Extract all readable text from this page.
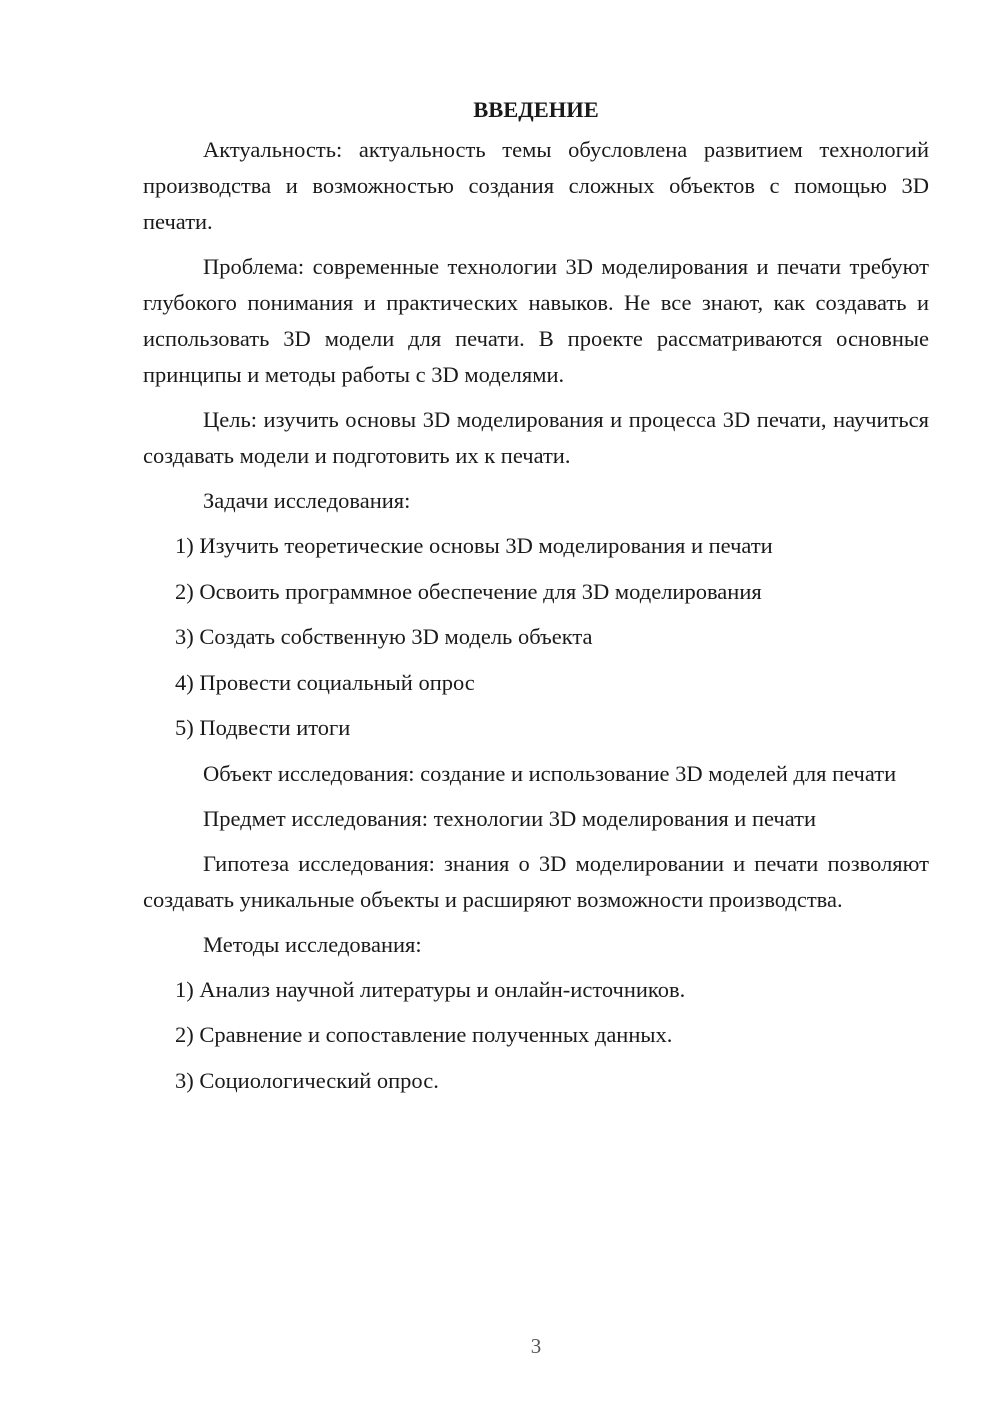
ВВЕДЕНИЕ

Актуальность: актуальность темы обусловлена развитием технологий производства и возможностью создания сложных объектов с помощью 3D печати.

Проблема: современные технологии 3D моделирования и печати требуют глубокого понимания и практических навыков. Не все знают, как создавать и использовать 3D модели для печати. В проекте рассматриваются основные принципы и методы работы с 3D моделями.

Цель: изучить основы 3D моделирования и процесса 3D печати, научиться создавать модели и подготовить их к печати.

Задачи исследования:

1) Изучить теоретические основы 3D моделирования и печати
2) Освоить программное обеспечение для 3D моделирования
3) Создать собственную 3D модель объекта
4) Провести социальный опрос
5) Подвести итоги

Объект исследования: создание и использование 3D моделей для печати

Предмет исследования: технологии 3D моделирования и печати

Гипотеза исследования: знания о 3D моделировании и печати позволяют создавать уникальные объекты и расширяют возможности производства.

Методы исследования:

1) Анализ научной литературы и онлайн-источников.
2) Сравнение и сопоставление полученных данных.
3) Социологический опрос.
3
